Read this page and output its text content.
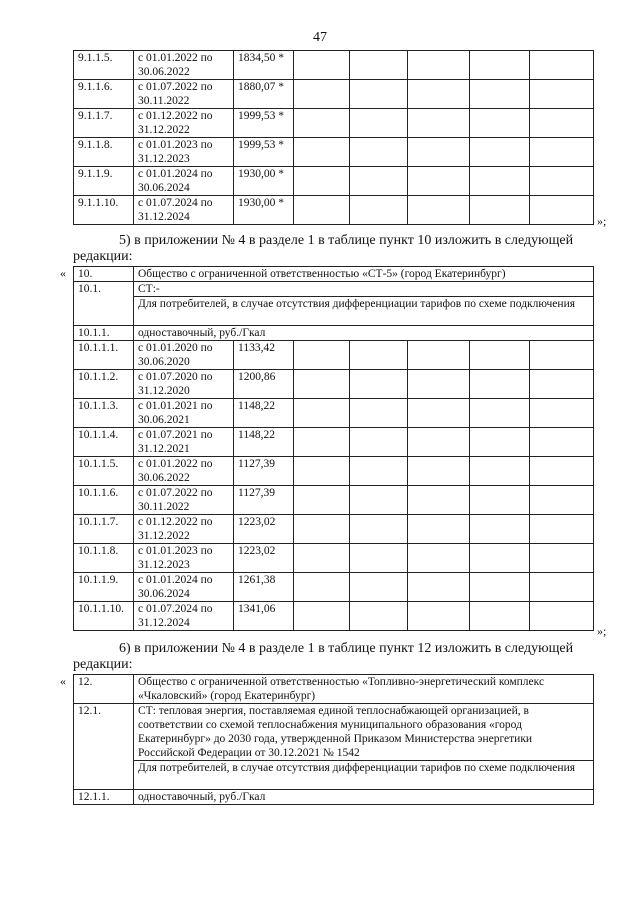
47
9.1.1.5.	с 01.01.2022 по 30.06.2022	1834,50 *					
9.1.1.6.	с 01.07.2022 по 30.11.2022	1880,07 *					
9.1.1.7.	с 01.12.2022 по 31.12.2022	1999,53 *					
9.1.1.8.	с 01.01.2023 по 31.12.2023	1999,53 *					
9.1.1.9.	с 01.01.2024 по 30.06.2024	1930,00 *					
9.1.1.10.	с 01.07.2024 по 31.12.2024	1930,00 *					
»;
5) в приложении № 4 в разделе 1 в таблице пункт 10 изложить в следующей
редакции:
« 10.	Общество с ограниченной ответственностью «СТ-5» (город Екатеринбург)						
10.1.	СТ:-						
	Для потребителей, в случае отсутствия дифференциации тарифов по схеме подключения						
10.1.1.	одноставочный, руб./Гкал						
10.1.1.1.	с 01.01.2020 по 30.06.2020	1133,42					
10.1.1.2.	с 01.07.2020 по 31.12.2020	1200,86					
10.1.1.3.	с 01.01.2021 по 30.06.2021	1148,22					
10.1.1.4.	с 01.07.2021 по 31.12.2021	1148,22					
10.1.1.5.	с 01.01.2022 по 30.06.2022	1127,39					
10.1.1.6.	с 01.07.2022 по 30.11.2022	1127,39					
10.1.1.7.	с 01.12.2022 по 31.12.2022	1223,02					
10.1.1.8.	с 01.01.2023 по 31.12.2023	1223,02					
10.1.1.9.	с 01.01.2024 по 30.06.2024	1261,38					
10.1.1.10.	с 01.07.2024 по 31.12.2024	1341,06					
»;
6) в приложении № 4 в разделе 1 в таблице пункт 12 изложить в следующей
редакции:
« 12.	Общество с ограниченной ответственностью «Топливно-энергетический комплекс «Чкаловский» (город Екатеринбург)
12.1.	СТ: тепловая энергия, поставляемая единой теплоснабжающей организацией, в соответствии со схемой теплоснабжения муниципального образования «город Екатеринбург» до 2030 года, утвержденной Приказом Министерства энергетики Российской Федерации от 30.12.2021 № 1542
	Для потребителей, в случае отсутствия дифференциации тарифов по схеме подключения
12.1.1.	одноставочный, руб./Гкал
